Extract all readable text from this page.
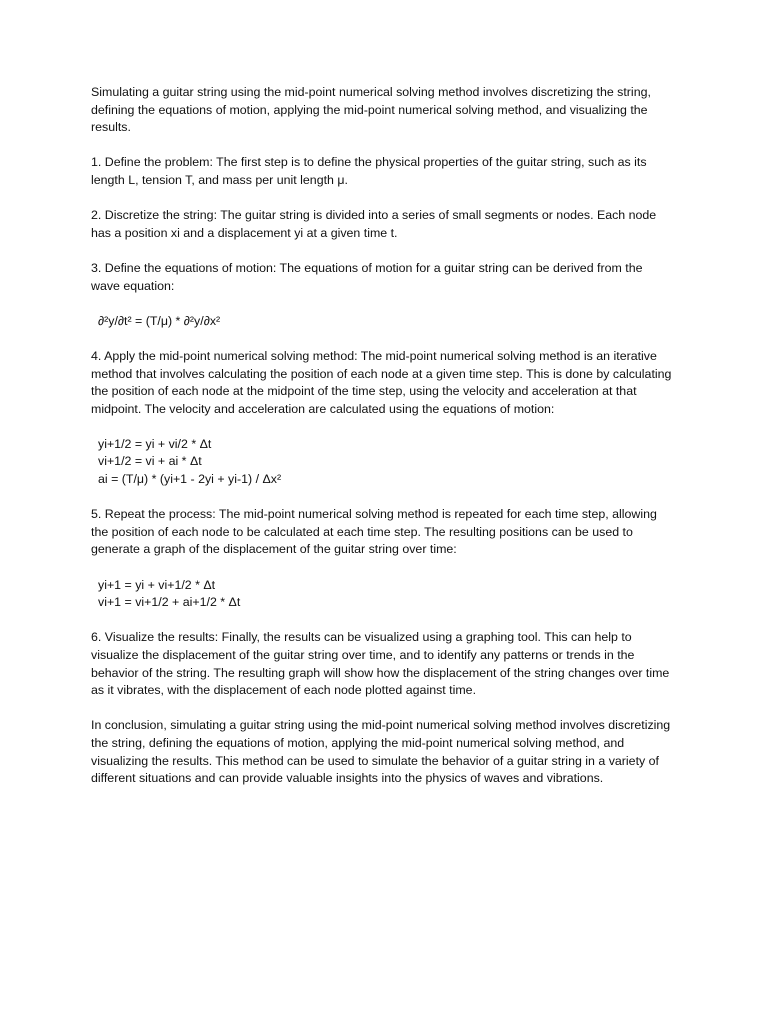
Simulating a guitar string using the mid-point numerical solving method involves discretizing the string, defining the equations of motion, applying the mid-point numerical solving method, and visualizing the results.

1. Define the problem: The first step is to define the physical properties of the guitar string, such as its length L, tension T, and mass per unit length μ.

2. Discretize the string: The guitar string is divided into a series of small segments or nodes. Each node has a position xi and a displacement yi at a given time t.

3. Define the equations of motion: The equations of motion for a guitar string can be derived from the wave equation:

∂²y/∂t² = (T/μ) * ∂²y/∂x²

4. Apply the mid-point numerical solving method: The mid-point numerical solving method is an iterative method that involves calculating the position of each node at a given time step. This is done by calculating the position of each node at the midpoint of the time step, using the velocity and acceleration at that midpoint. The velocity and acceleration are calculated using the equations of motion:

yi+1/2 = yi + vi/2 * Δt
vi+1/2 = vi + ai * Δt
ai = (T/μ) * (yi+1 - 2yi + yi-1) / Δx²

5. Repeat the process: The mid-point numerical solving method is repeated for each time step, allowing the position of each node to be calculated at each time step. The resulting positions can be used to generate a graph of the displacement of the guitar string over time:

yi+1 = yi + vi+1/2 * Δt
vi+1 = vi+1/2 + ai+1/2 * Δt

6. Visualize the results: Finally, the results can be visualized using a graphing tool. This can help to visualize the displacement of the guitar string over time, and to identify any patterns or trends in the behavior of the string. The resulting graph will show how the displacement of the string changes over time as it vibrates, with the displacement of each node plotted against time.

In conclusion, simulating a guitar string using the mid-point numerical solving method involves discretizing the string, defining the equations of motion, applying the mid-point numerical solving method, and visualizing the results. This method can be used to simulate the behavior of a guitar string in a variety of different situations and can provide valuable insights into the physics of waves and vibrations.
